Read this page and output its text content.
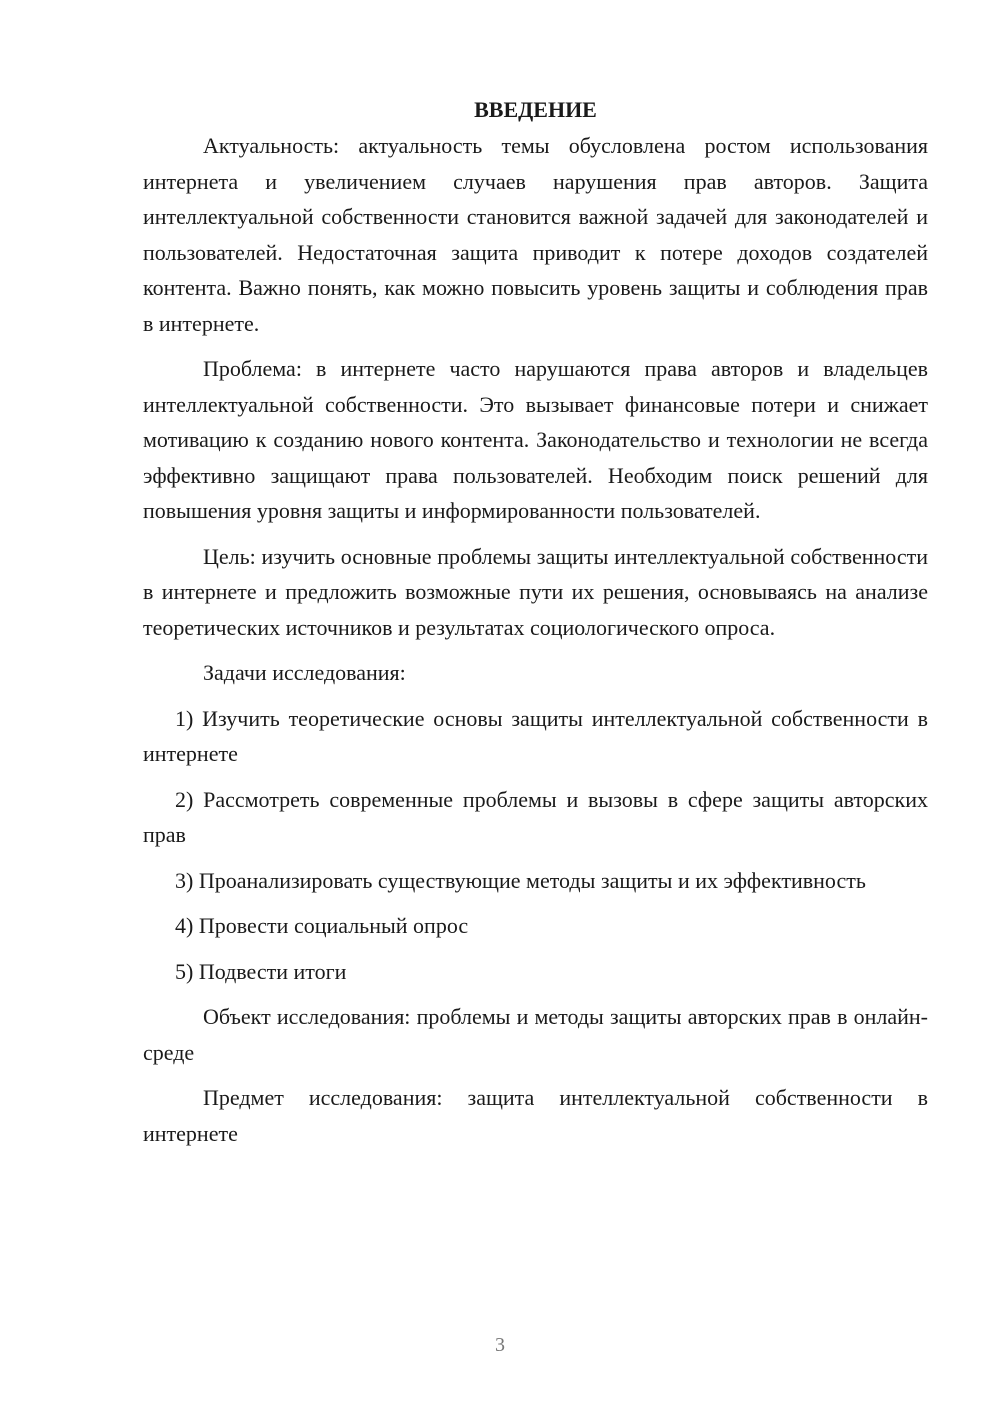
ВВЕДЕНИЕ

Актуальность: актуальность темы обусловлена ростом использования интернета и увеличением случаев нарушения прав авторов. Защита интеллектуальной собственности становится важной задачей для законодателей и пользователей. Недостаточная защита приводит к потере доходов создателей контента. Важно понять, как можно повысить уровень защиты и соблюдения прав в интернете.

Проблема: в интернете часто нарушаются права авторов и владельцев интеллектуальной собственности. Это вызывает финансовые потери и снижает мотивацию к созданию нового контента. Законодательство и технологии не всегда эффективно защищают права пользователей. Необходим поиск решений для повышения уровня защиты и информированности пользователей.

Цель: изучить основные проблемы защиты интеллектуальной собственности в интернете и предложить возможные пути их решения, основываясь на анализе теоретических источников и результатах социологического опроса.

Задачи исследования:

1) Изучить теоретические основы защиты интеллектуальной собственности в интернете

2) Рассмотреть современные проблемы и вызовы в сфере защиты авторских прав

3) Проанализировать существующие методы защиты и их эффективность

4) Провести социальный опрос

5) Подвести итоги

Объект исследования: проблемы и методы защиты авторских прав в онлайн-среде

Предмет исследования: защита интеллектуальной собственности в интернете

3
